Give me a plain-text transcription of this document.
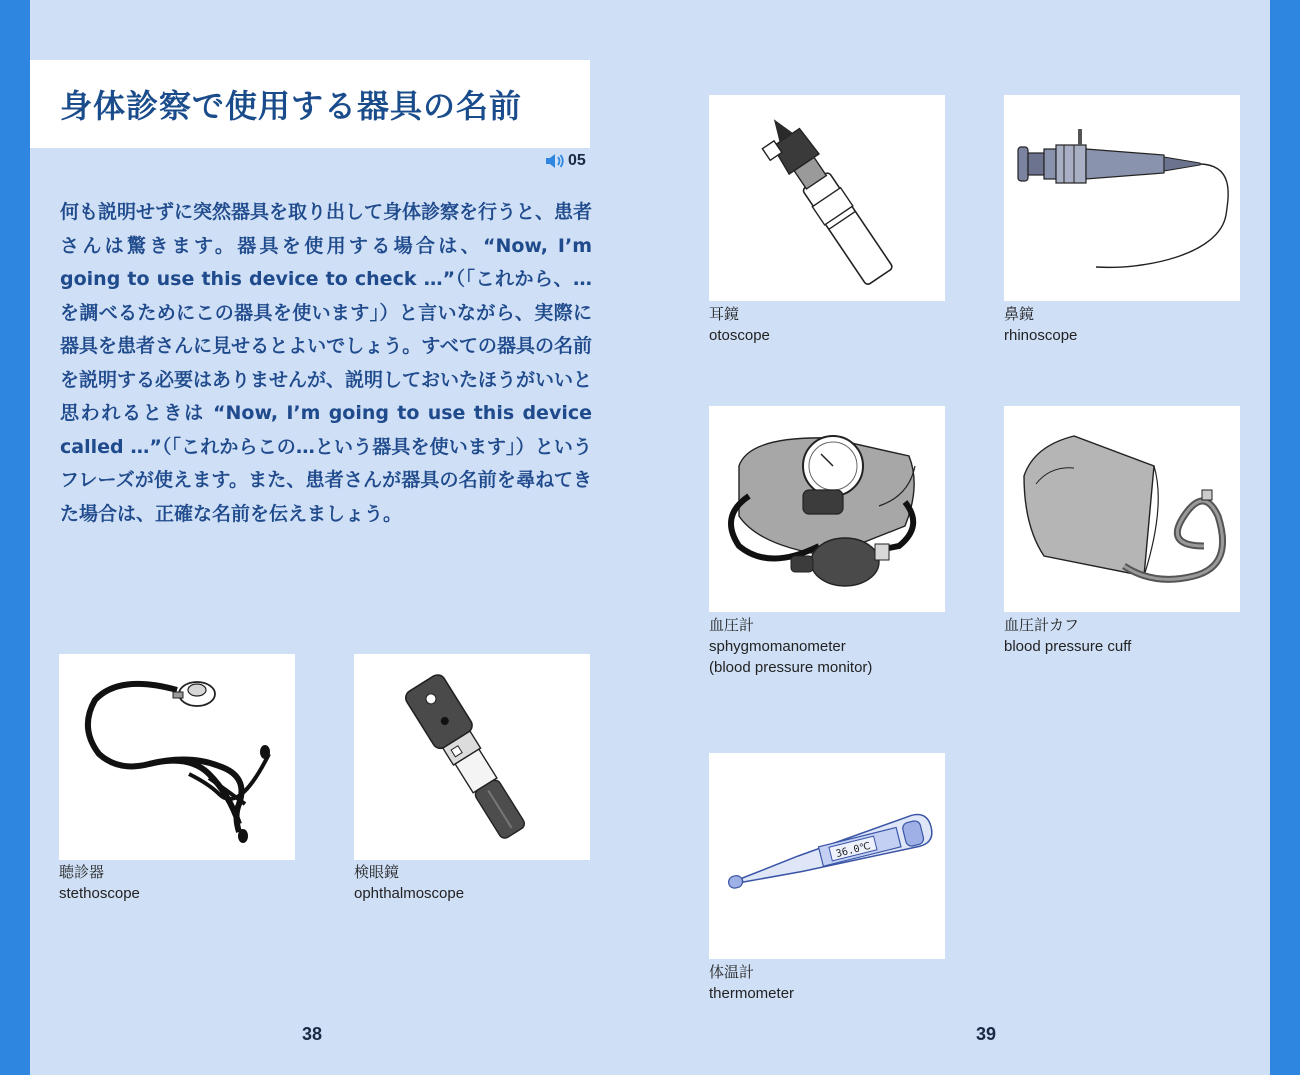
身体診察で使用する器具の名前
05

何も説明せずに突然器具を取り出して身体診察を行うと、患者さんは驚きます。器具を使用する場合は、“Now, I’m going to use this device to check …”（「これから、…を調べるためにこの器具を使います」）と言いながら、実際に器具を患者さんに見せるとよいでしょう。すべての器具の名前を説明する必要はありませんが、説明しておいたほうがいいと思われるときは “Now, I’m going to use this device called …”（「これからこの…という器具を使います」）というフレーズが使えます。また、患者さんが器具の名前を尋ねてきた場合は、正確な名前を伝えましょう。

耳鏡
otoscope
鼻鏡
rhinoscope
血圧計
sphygmomanometer
(blood pressure monitor)
血圧計カフ
blood pressure cuff
36.0℃
体温計
thermometer
聴診器
stethoscope
検眼鏡
ophthalmoscope
38	39
